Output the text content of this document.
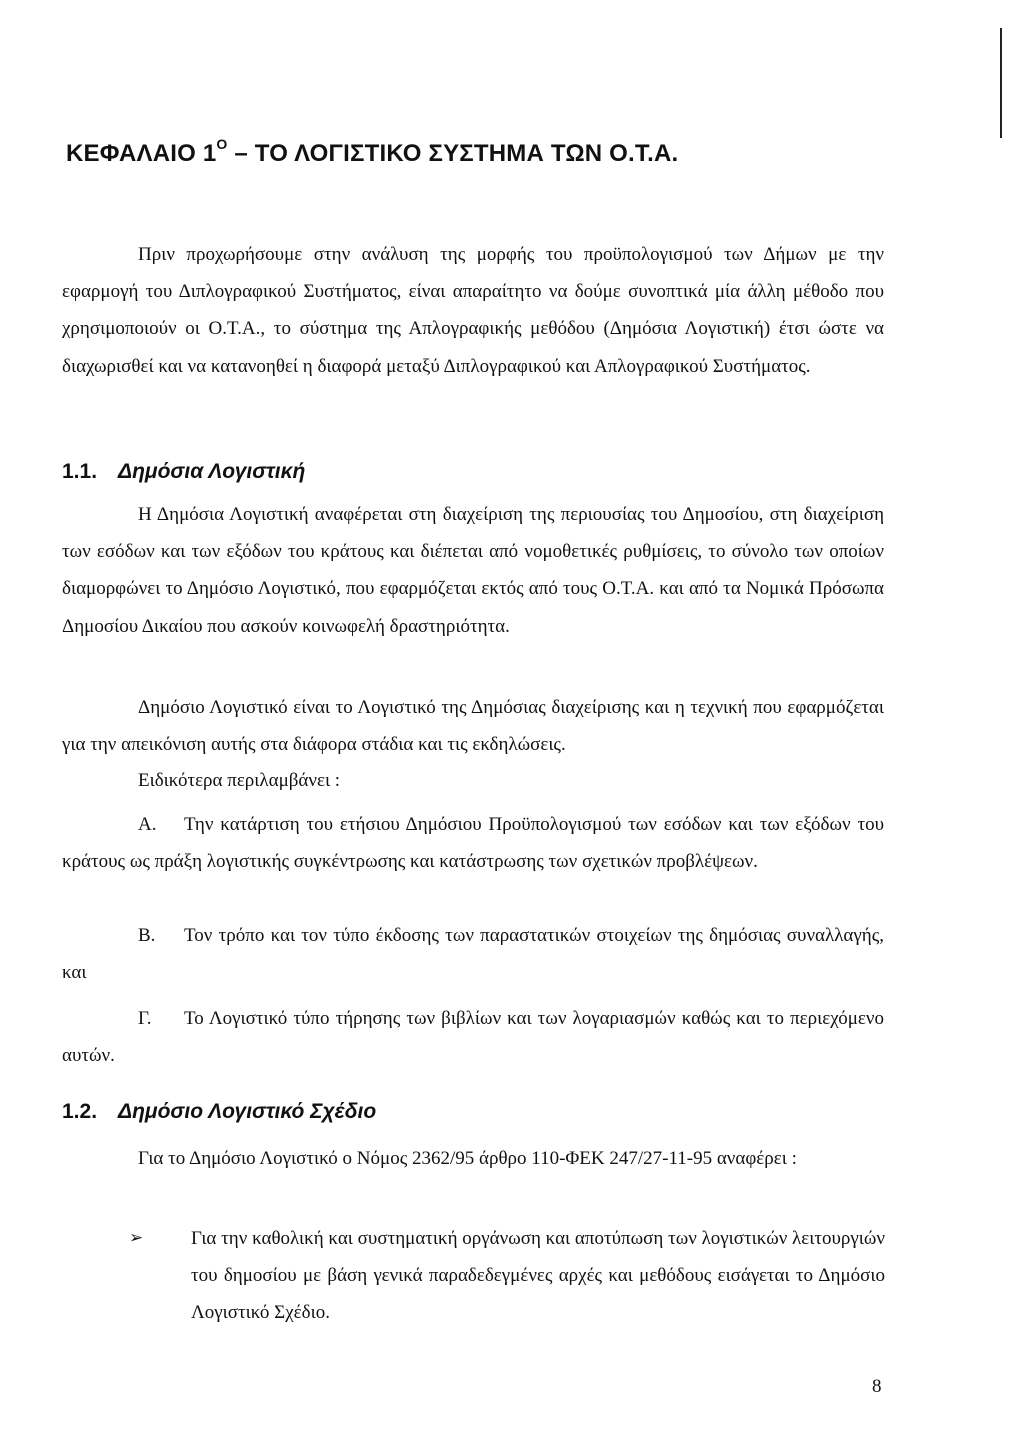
ΚΕΦΑΛΑΙΟ $1^O$ – ΤΟ ΛΟΓΙΣΤΙΚΟ ΣΥΣΤΗΜΑ ΤΩΝ Ο.Τ.Α.
Πριν προχωρήσουμε στην ανάλυση της μορφής του προϋπολογισμού των Δήμων με την εφαρμογή του Διπλογραφικού Συστήματος, είναι απαραίτητο να δούμε συνοπτικά μία άλλη μέθοδο που χρησιμοποιούν οι Ο.Τ.Α., το σύστημα της Απλογραφικής μεθόδου (Δημόσια Λογιστική) έτσι ώστε να διαχωρισθεί και να κατανοηθεί η διαφορά μεταξύ Διπλογραφικού και Απλογραφικού Συστήματος.
1.1. Δημόσια Λογιστική
Η Δημόσια Λογιστική αναφέρεται στη διαχείριση της περιουσίας του Δημοσίου, στη διαχείριση των εσόδων και των εξόδων του κράτους και διέπεται από νομοθετικές ρυθμίσεις, το σύνολο των οποίων διαμορφώνει το Δημόσιο Λογιστικό, που εφαρμόζεται εκτός από τους Ο.Τ.Α. και από τα Νομικά Πρόσωπα Δημοσίου Δικαίου που ασκούν κοινωφελή δραστηριότητα.
Δημόσιο Λογιστικό είναι το Λογιστικό της Δημόσιας διαχείρισης και η τεχνική που εφαρμόζεται για την απεικόνιση αυτής στα διάφορα στάδια και τις εκδηλώσεις.
Ειδικότερα περιλαμβάνει :
Α. Την κατάρτιση του ετήσιου Δημόσιου Προϋπολογισμού των εσόδων και των εξόδων του κράτους ως πράξη λογιστικής συγκέντρωσης και κατάστρωσης των σχετικών προβλέψεων.
Β. Τον τρόπο και τον τύπο έκδοσης των παραστατικών στοιχείων της δημόσιας συναλλαγής, και
Γ. Το Λογιστικό τύπο τήρησης των βιβλίων και των λογαριασμών καθώς και το περιεχόμενο αυτών.
1.2. Δημόσιο Λογιστικό Σχέδιο
Για το Δημόσιο Λογιστικό ο Νόμος 2362/95 άρθρο 110-ΦΕΚ 247/27-11-95 αναφέρει :
➢	Για την καθολική και συστηματική οργάνωση και αποτύπωση των λογιστικών λειτουργιών του δημοσίου με βάση γενικά παραδεδεγμένες αρχές και μεθόδους εισάγεται το Δημόσιο Λογιστικό Σχέδιο.
8
